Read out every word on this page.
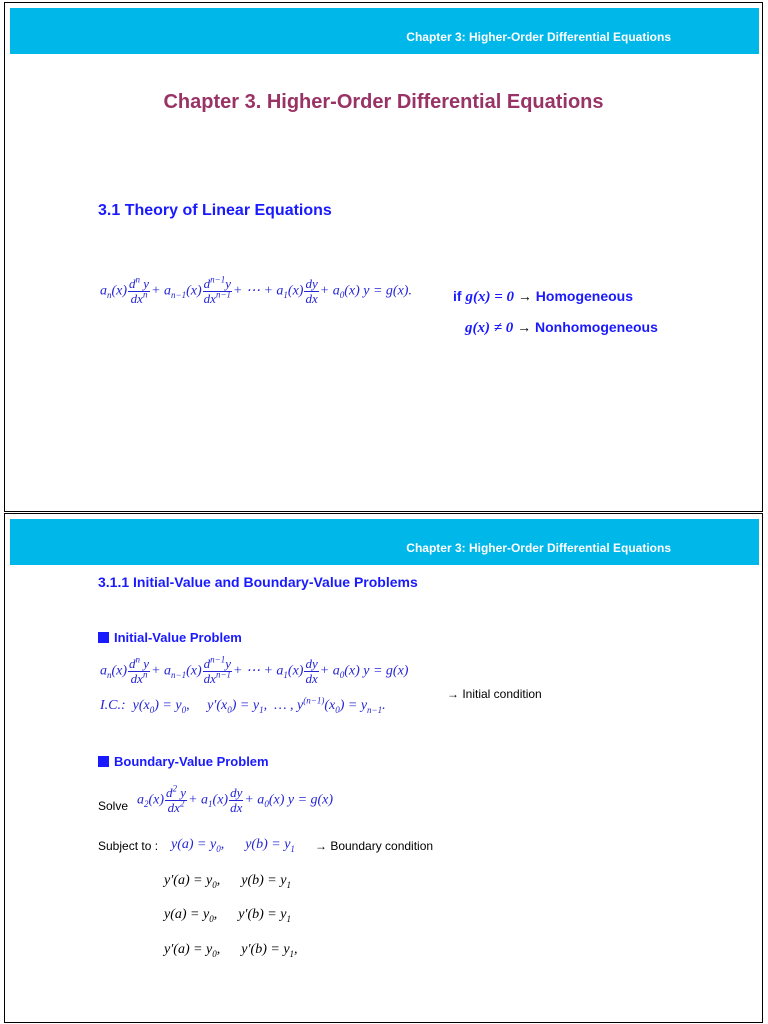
Chapter 3: Higher-Order Differential Equations
Chapter 3. Higher-Order Differential Equations
3.1 Theory of Linear Equations
$a_n(x) \frac{d^n y}{dx^n} + a_{n-1}(x) \frac{d^{n-1}y}{dx^{n-1}}$ + ⋯ + $a_1(x) \frac{dy}{dx} + a_0(x) y = g(x)$.	if g(x) = 0 → Homogeneous
g(x) ≠ 0 → Nonhomogeneous
Chapter 3: Higher-Order Differential Equations
3.1.1 Initial-Value and Boundary-Value Problems
Initial-Value Problem
$a_n(x) \frac{d^n y}{dx^n} + a_{n-1}(x) \frac{d^{n-1}y}{dx^{n-1}}$ + ⋯ + $a_1(x) \frac{dy}{dx} + a_0(x) y = g(x)$
I.C.:  $y(x_0) = y_0$,     $y'(x_0) = y_1$,  … , $y^{(n-1)}(x_0) = y_{n-1}$.
→ Initial condition
Boundary-Value Problem
Solve $a_2(x) \frac{d^2 y}{dx^2} + a_1(x) \frac{dy}{dx} + a_0(x) y = g(x)$
Subject to : $y(a) = y_0$,      $y(b) = y_1$ → Boundary condition
$y'(a) = y_0$,      $y(b) = y_1$
$y(a) = y_0$,      $y'(b) = y_1$
$y'(a) = y_0$,      $y'(b) = y_1$,
